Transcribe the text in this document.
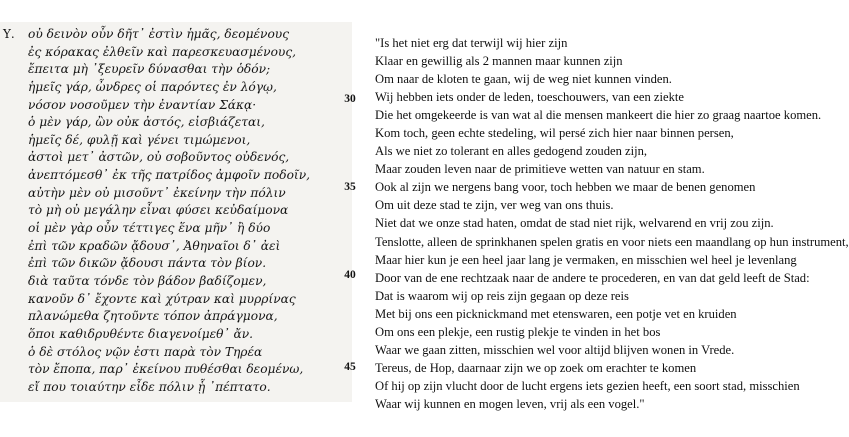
Υ. οὐ δεινὸν οὖν δῆτ᾽ ἐστὶν ἡμᾶς, δεομένους
ἐς κόρακας ἐλθεῖν καὶ παρεσκευασμένους,
ἔπειτα μὴ ᾽ξευρεῖν δύνασθαι τὴν ὁδόν;
ἡμεῖς γάρ, ὦνδρες οἱ παρόντες ἐν λόγῳ,
νόσον νοσοῦμεν τὴν ἐναντίαν Σάκᾳ·
ὁ μὲν γάρ, ὢν οὐκ ἀστός, εἰσβιάζεται,
ἡμεῖς δέ, φυλῇ καὶ γένει τιμώμενοι,
ἀστοὶ μετ᾽ ἀστῶν, οὐ σοβοῦντος οὐδενός,
ἀνεπτόμεσθ᾽ ἐκ τῆς πατρίδος ἀμφοῖν ποδοῖν,
αὐτὴν μὲν οὐ μισοῦντ᾽ ἐκείνην τὴν πόλιν
τὸ μὴ οὐ μεγάλην εἶναι φύσει κεὐδαίμονα
οἱ μὲν γὰρ οὖν τέττιγες ἕνα μῆν᾽ ἢ δύο
ἐπὶ τῶν κραδῶν ᾄδουσ᾽, Ἀθηναῖοι δ᾽ ἀεὶ
ἐπὶ τῶν δικῶν ᾄδουσι πάντα τὸν βίον.
διὰ ταῦτα τόνδε τὸν βάδον βαδίζομεν,
κανοῦν δ᾽ ἔχοντε καὶ χύτραν καὶ μυρρίνας
πλανώμεθα ζητοῦντε τόπον ἀπράγμονα,
ὅποι καθιδρυθέντε διαγενοίμεθ᾽ ἄν.
ὁ δὲ στόλος νῷν ἐστι παρὰ τὸν Τηρέα
τὸν ἔποπα, παρ᾽ ἐκείνου πυθέσθαι δεομένω,
εἴ που τοιαύτην εἶδε πόλιν ᾗ ᾽πέπτατο.
30
35
40
45
"Is het niet erg dat terwijl wij hier zijn
Klaar en gewillig als 2 mannen maar kunnen zijn
Om naar de kloten te gaan, wij de weg niet kunnen vinden.
Wij hebben iets onder de leden, toeschouwers, van een ziekte
Die het omgekeerde is van wat al die mensen mankeert die hier zo graag naartoe komen.
Kom toch, geen echte stedeling, wil persé zich hier naar binnen persen,
Als we niet zo tolerant en alles gedogend zouden zijn,
Maar zouden leven naar de primitieve wetten van natuur en stam.
Ook al zijn we nergens bang voor, toch hebben we maar de benen genomen
Om uit deze stad te zijn, ver weg van ons thuis.
Niet dat we onze stad haten, omdat de stad niet rijk, welvarend en vrij zou zijn.
Tenslotte, alleen de sprinkhanen spelen gratis en voor niets een maandlang op hun instrument,
Maar hier kun je een heel jaar lang je vermaken, en misschien wel heel je levenlang
Door van de ene rechtzaak naar de andere te procederen, en van dat geld leeft de Stad:
Dat is waarom wij op reis zijn gegaan op deze reis
Met bij ons een picknickmand met etenswaren, een potje vet en kruiden
Om ons een plekje, een rustig plekje te vinden in het bos
Waar we gaan zitten, misschien wel voor altijd blijven wonen in Vrede.
Tereus, de Hop, daarnaar zijn we op zoek om erachter te komen
Of hij op zijn vlucht door de lucht ergens iets gezien heeft, een soort stad, misschien
Waar wij kunnen en mogen leven, vrij als een vogel."
